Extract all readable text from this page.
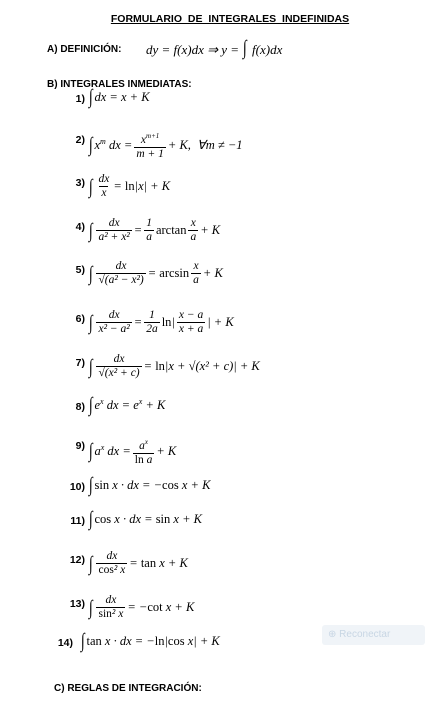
FORMULARIO DE INTEGRALES INDEFINIDAS
A) DEFINICIÓN: dy = f(x)dx ⇒ y = ∫ f(x)dx
B) INTEGRALES INMEDIATAS:
1) ∫ dx = x + K
2) ∫ $x^m$ dx = $\frac{x^{m+1}}{m + 1} + K$,  ∀m ≠ −1
3) ∫ $\frac{dx}{x} = \ln|x| + K$
4) ∫ $\frac{dx}{\text{a² + x²}} = \frac{1}{a}$ $\arctan \frac{x}{a} + K$
5) ∫ $\frac{dx}{\text{√(a² − x²)}} = \arcsin \frac{x}{a} + K$
6) ∫ $\frac{dx}{\text{x² − a²}} = \frac{1}{2a} \ln| \frac{x - a}{x + a}$ | + K
7) ∫ $\frac{dx}{\text{√(x² + c)}} = \ln|x + √(x^2 + c)| + K$
8) ∫ $e^x$ dx = $e^x + K$
9) ∫ $a^x$ dx = $\frac{a^x}{\text{ln a}} + K$
10) ∫ sin x · dx = −cos x + K
11) ∫ cos x · dx = sin x + K
12) ∫ $\frac{dx}{\text{cos² x}} = \tan x + K$
13) ∫ $\frac{dx}{\text{sin² x}} = -\cot$ x + K
14) ∫ tan x · dx = −ln|cos x| + K
C) REGLAS DE INTEGRACIÓN:
⊕ Reconectar
